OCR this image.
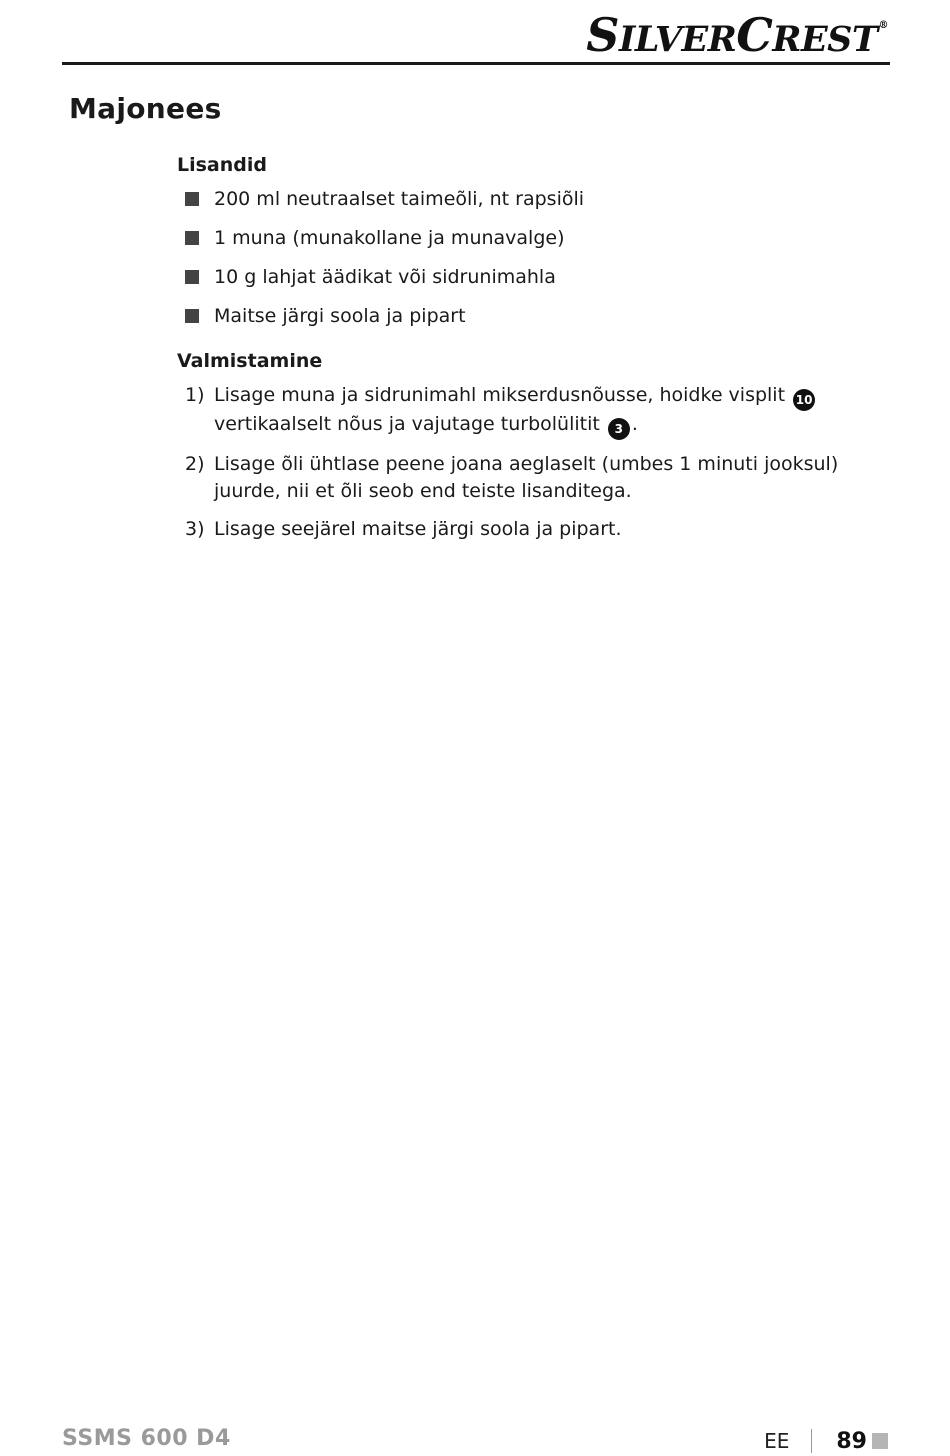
SILVERCREST®
Majonees
Lisandid
200 ml neutraalset taimeõli, nt rapsiõli
1 muna (munakollane ja munavalge)
10 g lahjat äädikat või sidrunimahla
Maitse järgi soola ja pipart
Valmistamine
1) Lisage muna ja sidrunimahl mikserdusnõusse, hoidke visplit 10 vertikaalselt nõus ja vajutage turbolülitit 3 .
2) Lisage õli ühtlase peene joana aeglaselt (umbes 1 minuti jooksul) juurde, nii et õli seob end teiste lisanditega.
3) Lisage seejärel maitse järgi soola ja pipart.
SSMS 600 D4	EE 89
